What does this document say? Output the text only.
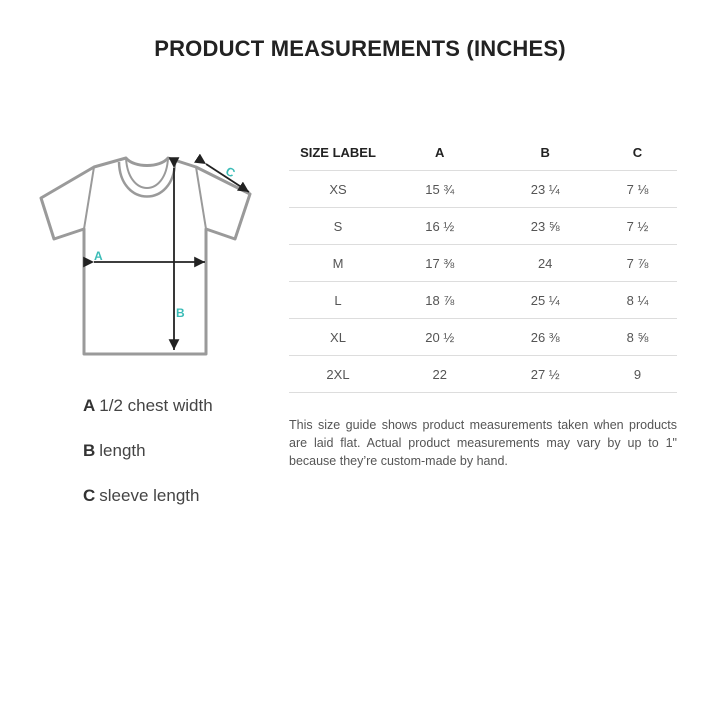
PRODUCT MEASUREMENTS (INCHES)
A
B
C
A 1/2 chest width
B length
C sleeve length
SIZE LABEL	A	B	C
XS	15 ¾	23 ¼	7 ⅛
S	16 ½	23 ⅝	7 ½
M	17 ⅜	24	7 ⅞
L	18 ⅞	25 ¼	8 ¼
XL	20 ½	26 ⅜	8 ⅝
2XL	22	27 ½	9
This size guide shows product measurements taken when products are laid flat. Actual product measurements may vary by up to 1" because they’re custom-made by hand.
